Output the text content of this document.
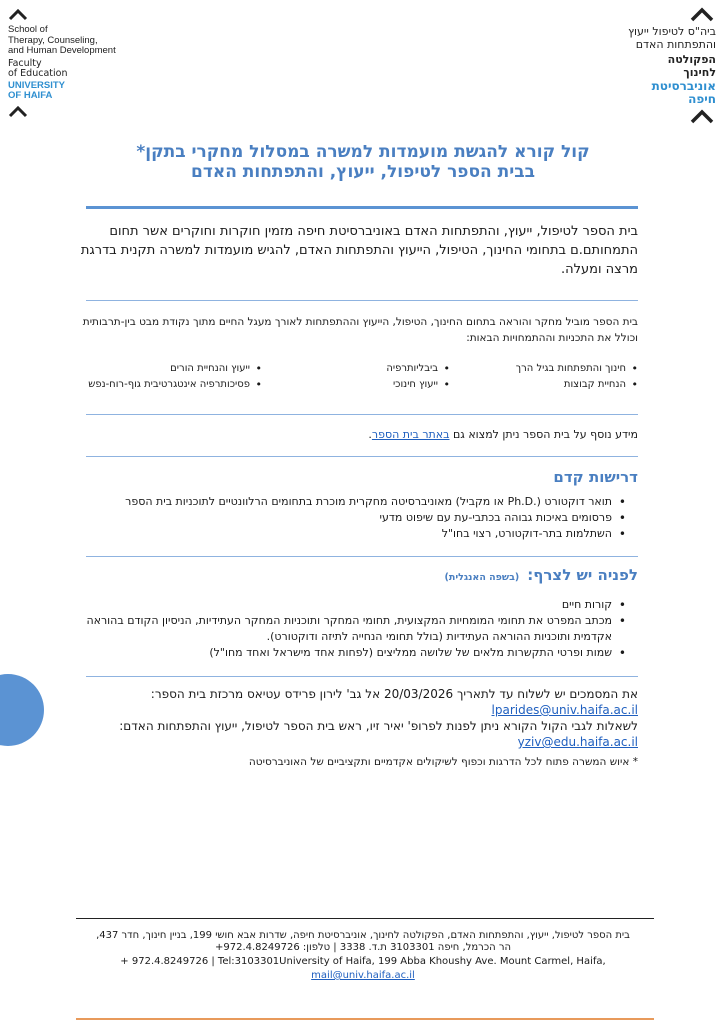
School of
Therapy, Counseling,
and Human Development
Faculty
of Education
UNIVERSITY
OF HAIFA
ביה"ס לטיפול ייעוץ
והתפתחות האדם
הפקולטה
לחינוך
אוניברסיטת
חיפה
קול קורא להגשת מועמדות למשרה במסלול מחקרי בתקן*
בבית הספר לטיפול, ייעוץ, והתפתחות האדם
בית הספר לטיפול, ייעוץ, והתפתחות האדם באוניברסיטת חיפה מזמין חוקרות וחוקרים אשר תחום התמחותם.ם בתחומי החינוך, הטיפול, הייעוץ והתפתחות האדם, להגיש מועמדות למשרה תקנית בדרגת מרצה ומעלה.
בית הספר מוביל מחקר והוראה בתחום החינוך, הטיפול, הייעוץ וההתפתחות לאורך מעגל החיים מתוך נקודת מבט בין-תרבותית וכולל את התכניות וההתמחויות הבאות:
חינוך והתפתחות בגיל הרך •
הנחיית קבוצות •
ביבליותרפיה •
ייעוץ חינוכי •
ייעוץ והנחיית הורים •
פסיכותרפיה אינטגרטיבית גוף-רוח-נפש •
מידע נוסף על בית הספר ניתן למצוא גם באתר בית הספר.
דרישות קדם
• תואר דוקטורט (.Ph.D או מקביל) מאוניברסיטה מחקרית מוכרת בתחומים הרלוונטיים לתוכניות בית הספר
• פרסומים באיכות גבוהה בכתבי-עת עם שיפוט מדעי
• השתלמות בתר-דוקטורט, רצוי בחו"ל
לפניה יש לצרף:(בשפה האנגלית)
• קורות חיים
• מכתב המפרט את תחומי המומחיות המקצועית, תחומי המחקר ותוכניות המחקר העתידיות, הניסיון הקודם בהוראה אקדמית ותוכניות ההוראה העתידיות (בולל תחומי הנחייה לתיזה ודוקטורט).
• שמות ופרטי התקשרות מלאים של שלושה ממליצים (לפחות אחד מישראל ואחד מחו"ל)
את המסמכים יש לשלוח עד לתאריך 20/03/2026 אל גב' לירון פרידס עטיאס מרכזת בית הספר:
lparides@univ.haifa.ac.il
לשאלות לגבי הקול הקורא ניתן לפנות לפרופ' יאיר זיו, ראש בית הספר לטיפול, ייעוץ והתפתחות האדם:
yziv@edu.haifa.ac.il
* איוש המשרה פתוח לכל הדרגות וכפוף לשיקולים אקדמיים ותקציביים של האוניברסיטה
בית הספר לטיפול, ייעוץ, והתפתחות האדם, הפקולטה לחינוך, אוניברסיטת חיפה, שדרות אבא חושי 199, בניין חינוך, חדר 437,
הר הכרמל, חיפה 3103301 ת.ד. 3338 | טלפון: 972.4.8249726+
+ 972.4.8249726 | Tel:3103301University of Haifa, 199 Abba Khoushy Ave. Mount Carmel, Haifa,
mail@univ.haifa.ac.il
